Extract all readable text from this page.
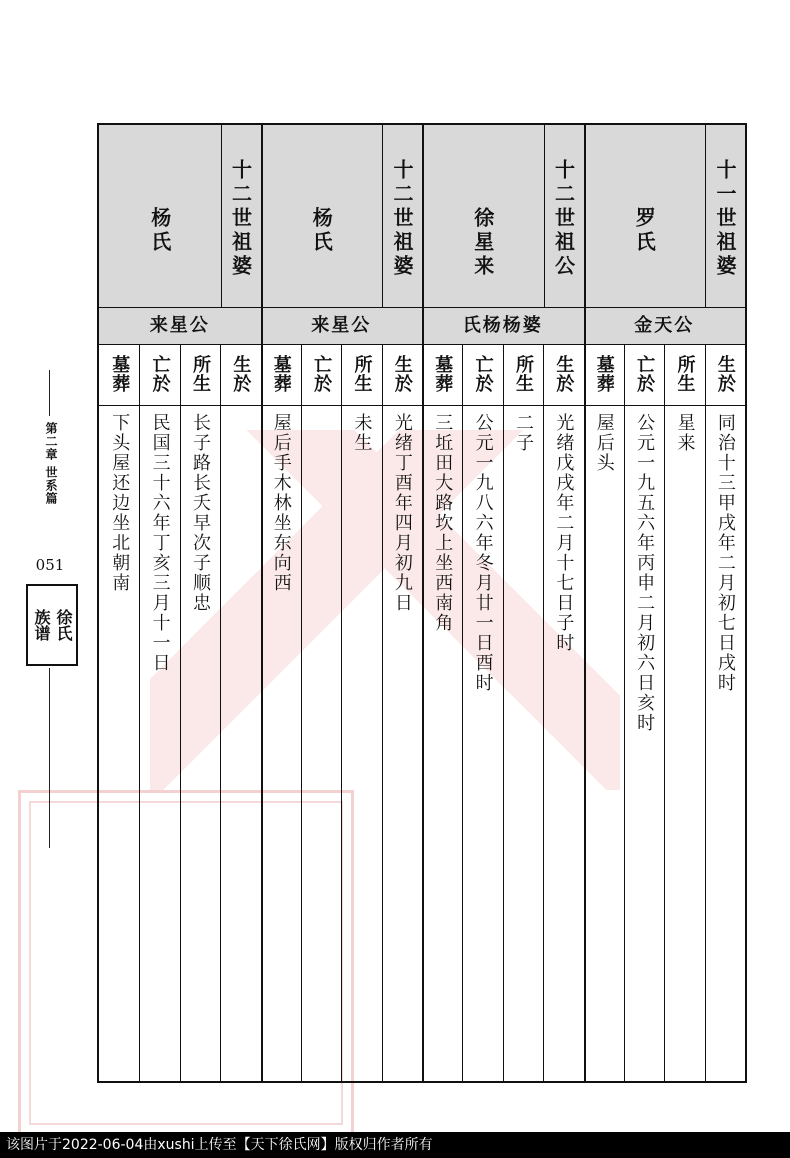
第二章 世系篇
051
徐氏
族谱
十一世祖婆
罗氏
金天公
生於
同治十三甲戌年二月初七日戌时
所生
星来
亡於
公元一九五六年丙申二月初六日亥时
墓葬
屋后头
十二世祖公
徐星来
氏杨杨婆
生於
光绪戊戌年二月十七日子时
所生
二子
亡於
公元一九八六年冬月廿一日酉时
墓葬
三坵田大路坎上坐西南角
十二世祖婆
杨氏
来星公
生於
光绪丁酉年四月初九日
所生
未生
亡於
墓葬
屋后手木林坐东向西
十二世祖婆
杨氏
来星公
生於
所生
长子路长夭早次子顺忠
亡於
民国三十六年丁亥三月十一日
墓葬
下头屋还边坐北朝南
该图片于2022-06-04由xushi上传至【天下徐氏网】版权归作者所有
